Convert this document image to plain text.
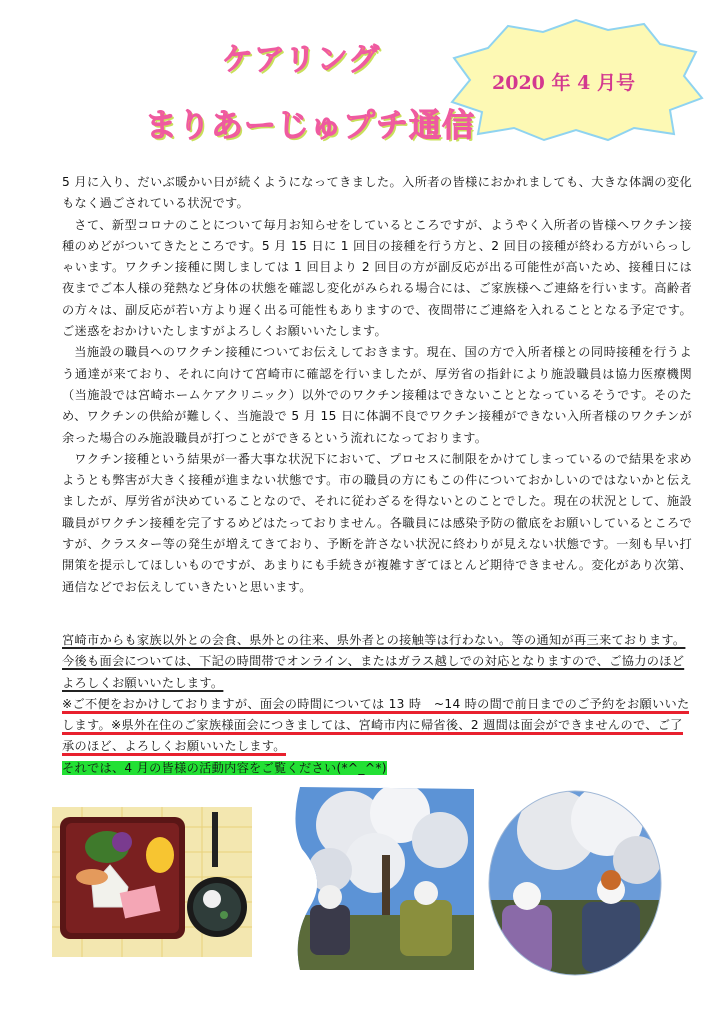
ケアリング
まりあーじゅプチ通信
2020 年 4 月号

5 月に入り、だいぶ暖かい日が続くようになってきました。入所者の皆様におかれましても、大きな体調の変化もなく過ごされている状況です。

さて、新型コロナのことについて毎月お知らせをしているところですが、ようやく入所者の皆様へワクチン接種のめどがついてきたところです。5 月 15 日に 1 回目の接種を行う方と、2 回目の接種が終わる方がいらっしゃいます。ワクチン接種に関しましては 1 回目より 2 回目の方が副反応が出る可能性が高いため、接種日には夜までご本人様の発熱など身体の状態を確認し変化がみられる場合には、ご家族様へご連絡を行います。高齢者の方々は、副反応が若い方より遅く出る可能性もありますので、夜間帯にご連絡を入れることとなる予定です。ご迷惑をおかけいたしますがよろしくお願いいたします。

当施設の職員へのワクチン接種についてお伝えしておきます。現在、国の方で入所者様との同時接種を行うよう通達が来ており、それに向けて宮崎市に確認を行いましたが、厚労省の指針により施設職員は協力医療機関（当施設では宮崎ホームケアクリニック）以外でのワクチン接種はできないこととなっているそうです。そのため、ワクチンの供給が難しく、当施設で 5 月 15 日に体調不良でワクチン接種ができない入所者様のワクチンが余った場合のみ施設職員が打つことができるという流れになっております。

ワクチン接種という結果が一番大事な状況下において、プロセスに制限をかけてしまっているので結果を求めようとも弊害が大きく接種が進まない状態です。市の職員の方にもこの件についておかしいのではないかと伝えましたが、厚労省が決めていることなので、それに従わざるを得ないとのことでした。現在の状況として、施設職員がワクチン接種を完了するめどはたっておりません。各職員には感染予防の徹底をお願いしているところですが、クラスター等の発生が増えてきており、予断を許さない状況に終わりが見えない状態です。一刻も早い打開策を提示してほしいものですが、あまりにも手続きが複雑すぎてほとんど期待できません。変化があり次第、通信などでお伝えしていきたいと思います。

宮崎市からも家族以外との会食、県外との往来、県外者との接触等は行わない。等の通知が再三来ております。今後も面会については、下記の時間帯でオンライン、またはガラス越しでの対応となりますので、ご協力のほどよろしくお願いいたします。
※ご不便をおかけしておりますが、面会の時間については 13 時　~14 時の間で前日までのご予約をお願いいたします。※県外在住のご家族様面会につきましては、宮崎市内に帰省後、2 週間は面会ができませんので、ご了承のほど、よろしくお願いいたします。
それでは、4 月の皆様の活動内容をご覧ください(*^_^*)
